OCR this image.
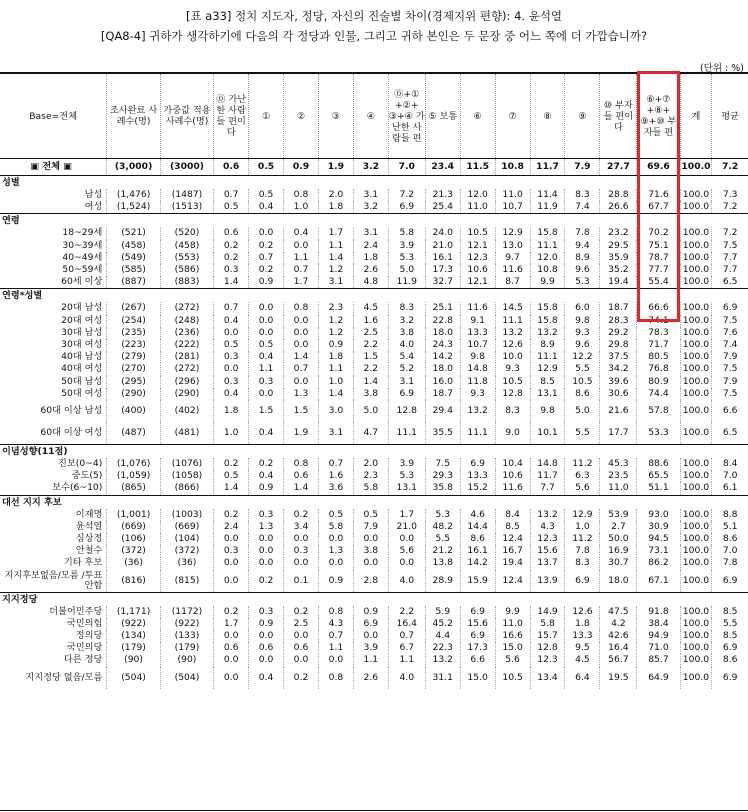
[표 a33] 정치 지도자, 정당, 자신의 진술별 차이(경제지위 편향): 4. 윤석열
[QA8-4] 귀하가 생각하기에 다음의 각 정당과 인물, 그리고 귀하 본인은 두 문장 중 어느 쪽에 더 가깝습니까?
(단위 : %)
Base=전체	조사완료 사례수(명)	가중값 적용 사례수(명)	⓪ 가난한 사람들 편이다	①	②	③	④	⓪+① +②+ ③+④ 가난한 사람들 편	⑤ 보통	⑥	⑦	⑧	⑨	⑩ 부자들 편이다	⑥+⑦ +⑧+ ⑨+⑩ 부자들 편	계	평균
▣ 전체 ▣	(3,000)	(3000)	0.6	0.5	0.9	1.9	3.2	7.0	23.4	11.5	10.8	11.7	7.9	27.7	69.6	100.0	7.2
성별																	
남성	(1,476)	(1487)	0.7	0.5	0.8	2.0	3.1	7.2	21.3	12.0	11.0	11.4	8.3	28.8	71.6	100.0	7.3
여성	(1,524)	(1513)	0.5	0.4	1.0	1.8	3.2	6.9	25.4	11.0	10.7	11.9	7.4	26.6	67.7	100.0	7.2
연령																	
18~29세	(521)	(520)	0.6	0.0	0.4	1.7	3.1	5.8	24.0	10.5	12.9	15.8	7.8	23.2	70.2	100.0	7.2
30~39세	(458)	(458)	0.2	0.2	0.0	1.1	2.4	3.9	21.0	12.1	13.0	11.1	9.4	29.5	75.1	100.0	7.5
40~49세	(549)	(553)	0.2	0.7	1.1	1.4	1.8	5.3	16.1	12.3	9.7	12.0	8.9	35.9	78.7	100.0	7.7
50~59세	(585)	(586)	0.3	0.2	0.7	1.2	2.6	5.0	17.3	10.6	11.6	10.8	9.6	35.2	77.7	100.0	7.7
60세 이상	(887)	(883)	1.4	0.9	1.7	3.1	4.8	11.9	32.7	12.1	8.7	9.9	5.3	19.4	55.4	100.0	6.5
연령*성별																	
20대 남성	(267)	(272)	0.7	0.0	0.8	2.3	4.5	8.3	25.1	11.6	14.5	15.8	6.0	18.7	66.6	100.0	6.9
20대 여성	(254)	(248)	0.4	0.0	0.0	1.2	1.6	3.2	22.8	9.1	11.1	15.8	9.8	28.3	74.1	100.0	7.5
30대 남성	(235)	(236)	0.0	0.0	0.0	1.2	2.5	3.8	18.0	13.3	13.2	13.2	9.3	29.2	78.3	100.0	7.6
30대 여성	(223)	(222)	0.5	0.5	0.0	0.9	2.2	4.0	24.3	10.7	12.6	8.9	9.6	29.8	71.7	100.0	7.4
40대 남성	(279)	(281)	0.3	0.4	1.4	1.8	1.5	5.4	14.2	9.8	10.0	11.1	12.2	37.5	80.5	100.0	7.9
40대 여성	(270)	(272)	0.0	1.1	0.7	1.1	2.2	5.2	18.0	14.8	9.3	12.9	5.5	34.2	76.8	100.0	7.5
50대 남성	(295)	(296)	0.3	0.3	0.0	1.0	1.4	3.1	16.0	11.8	10.5	8.5	10.5	39.6	80.9	100.0	7.9
50대 여성	(290)	(290)	0.4	0.0	1.3	1.4	3.8	6.9	18.7	9.3	12.8	13.1	8.6	30.6	74.4	100.0	7.5
60대 이상 남성	(400)	(402)	1.8	1.5	1.5	3.0	5.0	12.8	29.4	13.2	8.3	9.8	5.0	21.6	57.8	100.0	6.6
60대 이상 여성	(487)	(481)	1.0	0.4	1.9	3.1	4.7	11.1	35.5	11.1	9.0	10.1	5.5	17.7	53.3	100.0	6.5
이념성향(11점)																	
진보(0~4)	(1,076)	(1076)	0.2	0.2	0.8	0.7	2.0	3.9	7.5	6.9	10.4	14.8	11.2	45.3	88.6	100.0	8.4
중도(5)	(1,059)	(1058)	0.5	0.4	0.6	1.6	2.3	5.3	29.3	13.3	10.6	11.7	6.3	23.5	65.5	100.0	7.0
보수(6~10)	(865)	(866)	1.4	0.9	1.4	3.6	5.8	13.1	35.8	15.2	11.6	7.7	5.6	11.0	51.1	100.0	6.1
대선 지지 후보																	
이재명	(1,001)	(1003)	0.2	0.3	0.2	0.5	0.5	1.7	5.3	4.6	8.4	13.2	12.9	53.9	93.0	100.0	8.8
윤석열	(669)	(669)	2.4	1.3	3.4	5.8	7.9	21.0	48.2	14.4	8.5	4.3	1.0	2.7	30.9	100.0	5.1
심상정	(106)	(104)	0.0	0.0	0.0	0.0	0.0	0.0	5.5	8.6	12.4	12.3	11.2	50.0	94.5	100.0	8.6
안철수	(372)	(372)	0.3	0.0	0.3	1.3	3.8	5.6	21.2	16.1	16.7	15.6	7.8	16.9	73.1	100.0	7.0
기타 후보	(36)	(36)	0.0	0.0	0.0	0.0	0.0	0.0	13.8	14.2	19.4	13.7	8.3	30.7	86.2	100.0	7.8
지지후보없음/모름 /투표안함	(816)	(815)	0.0	0.2	0.1	0.9	2.8	4.0	28.9	15.9	12.4	13.9	6.9	18.0	67.1	100.0	6.9
지지정당																	
더불어민주당	(1,171)	(1172)	0.2	0.3	0.2	0.8	0.9	2.2	5.9	6.9	9.9	14.9	12.6	47.5	91.8	100.0	8.5
국민의힘	(922)	(922)	1.7	0.9	2.5	4.3	6.9	16.4	45.2	15.6	11.0	5.8	1.8	4.2	38.4	100.0	5.5
정의당	(134)	(133)	0.0	0.0	0.0	0.7	0.0	0.7	4.4	6.9	16.6	15.7	13.3	42.6	94.9	100.0	8.5
국민의당	(179)	(179)	0.6	0.6	0.6	1.1	3.9	6.7	22.3	17.3	15.0	12.8	9.5	16.4	71.0	100.0	6.9
다른 정당	(90)	(90)	0.0	0.0	0.0	0.0	1.1	1.1	13.2	6.6	5.6	12.3	4.5	56.7	85.7	100.0	8.6
지지정당 없음/모름	(504)	(504)	0.0	0.4	0.2	0.8	2.6	4.0	31.1	15.0	10.5	13.4	6.4	19.5	64.9	100.0	6.9
